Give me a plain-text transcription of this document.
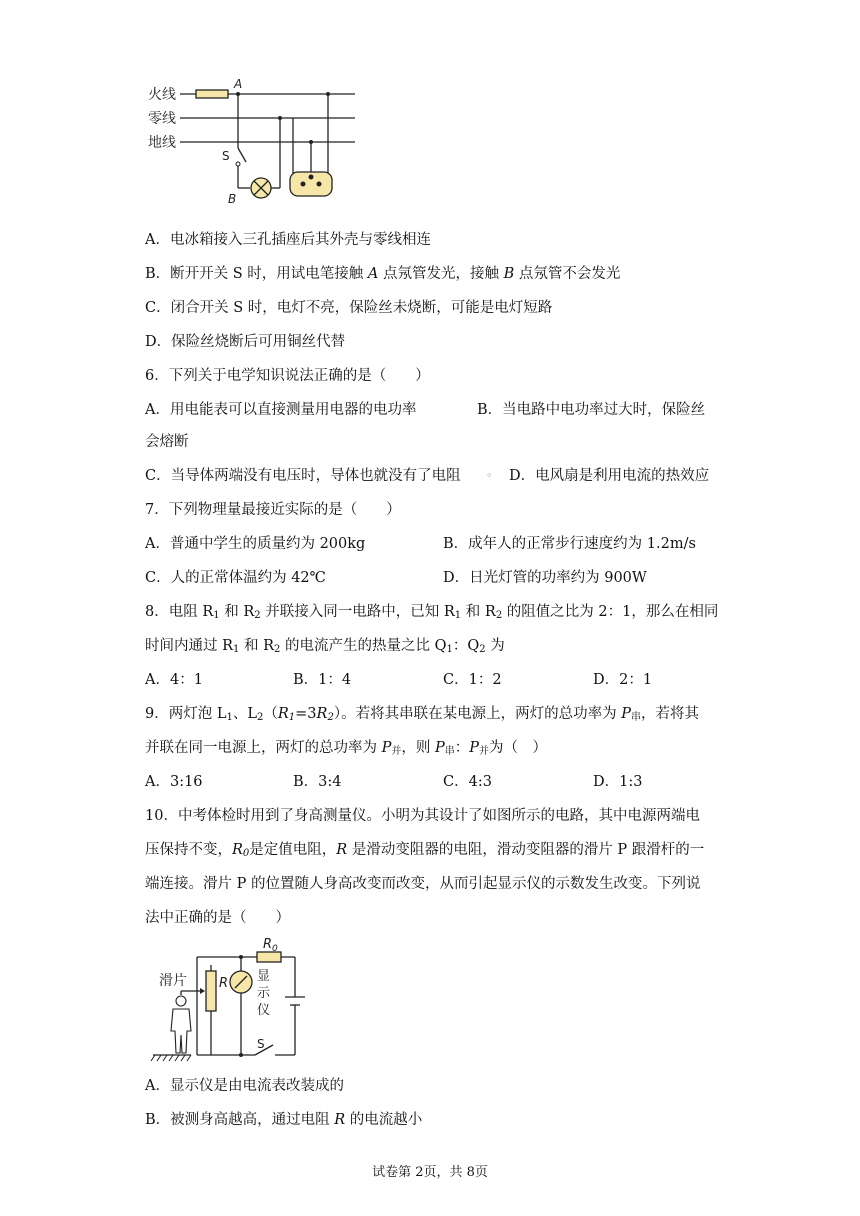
火线
零线
地线
A
B
S
A．电冰箱接入三孔插座后其外壳与零线相连
B．断开开关 S 时，用试电笔接触 A 点氖管发光，接触 B 点氖管不会发光
C．闭合开关 S 时，电灯不亮，保险丝未烧断，可能是电灯短路
D．保险丝烧断后可用铜丝代替
6．下列关于电学知识说法正确的是（　　）
A．用电能表可以直接测量用电器的电功率	B．当电路中电功率过大时，保险丝
会熔断
C．当导体两端没有电压时，导体也就没有了电阻 ◦ D．电风扇是利用电流的热效应
7．下列物理量最接近实际的是（　　）
A．普通中学生的质量约为 200kg	B．成年人的正常步行速度约为 1.2m/s
C．人的正常体温约为 42℃	D．日光灯管的功率约为 900W
8．电阻 $R_1$ 和 $R_2$ 并联接入同一电路中，已知 $R_1$ 和 $R_2$ 的阻值之比为 2：1，那么在相同
时间内通过 $R_1$ 和 $R_2$ 的电流产生的热量之比 $Q_1$：$Q_2$ 为
A．4：1	B．1：4	C．1：2	D．2：1
9．两灯泡 $L_1$、$L_2(R_1=3R_2)$。若将其串联在某电源上，两灯的总功率为 $P_串$，若将其
并联在同一电源上，两灯的总功率为 $P_并$，则 $P_串$：$P_并$为（　）
A．3:16	B．3:4	C．4:3	D．1:3
10．中考体检时用到了身高测量仪。小明为其设计了如图所示的电路，其中电源两端电
压保持不变，$R_0$是定值电阻，R 是滑动变阻器的电阻，滑动变阻器的滑片 P 跟滑杆的一
端连接。滑片 P 的位置随人身高改变而改变，从而引起显示仪的示数发生改变。下列说
法中正确的是（　　）
滑片 R
$R_0$
显
示
仪
S
A．显示仪是由电流表改装成的
B．被测身高越高，通过电阻 R 的电流越小
试卷第 2页，共 8页
